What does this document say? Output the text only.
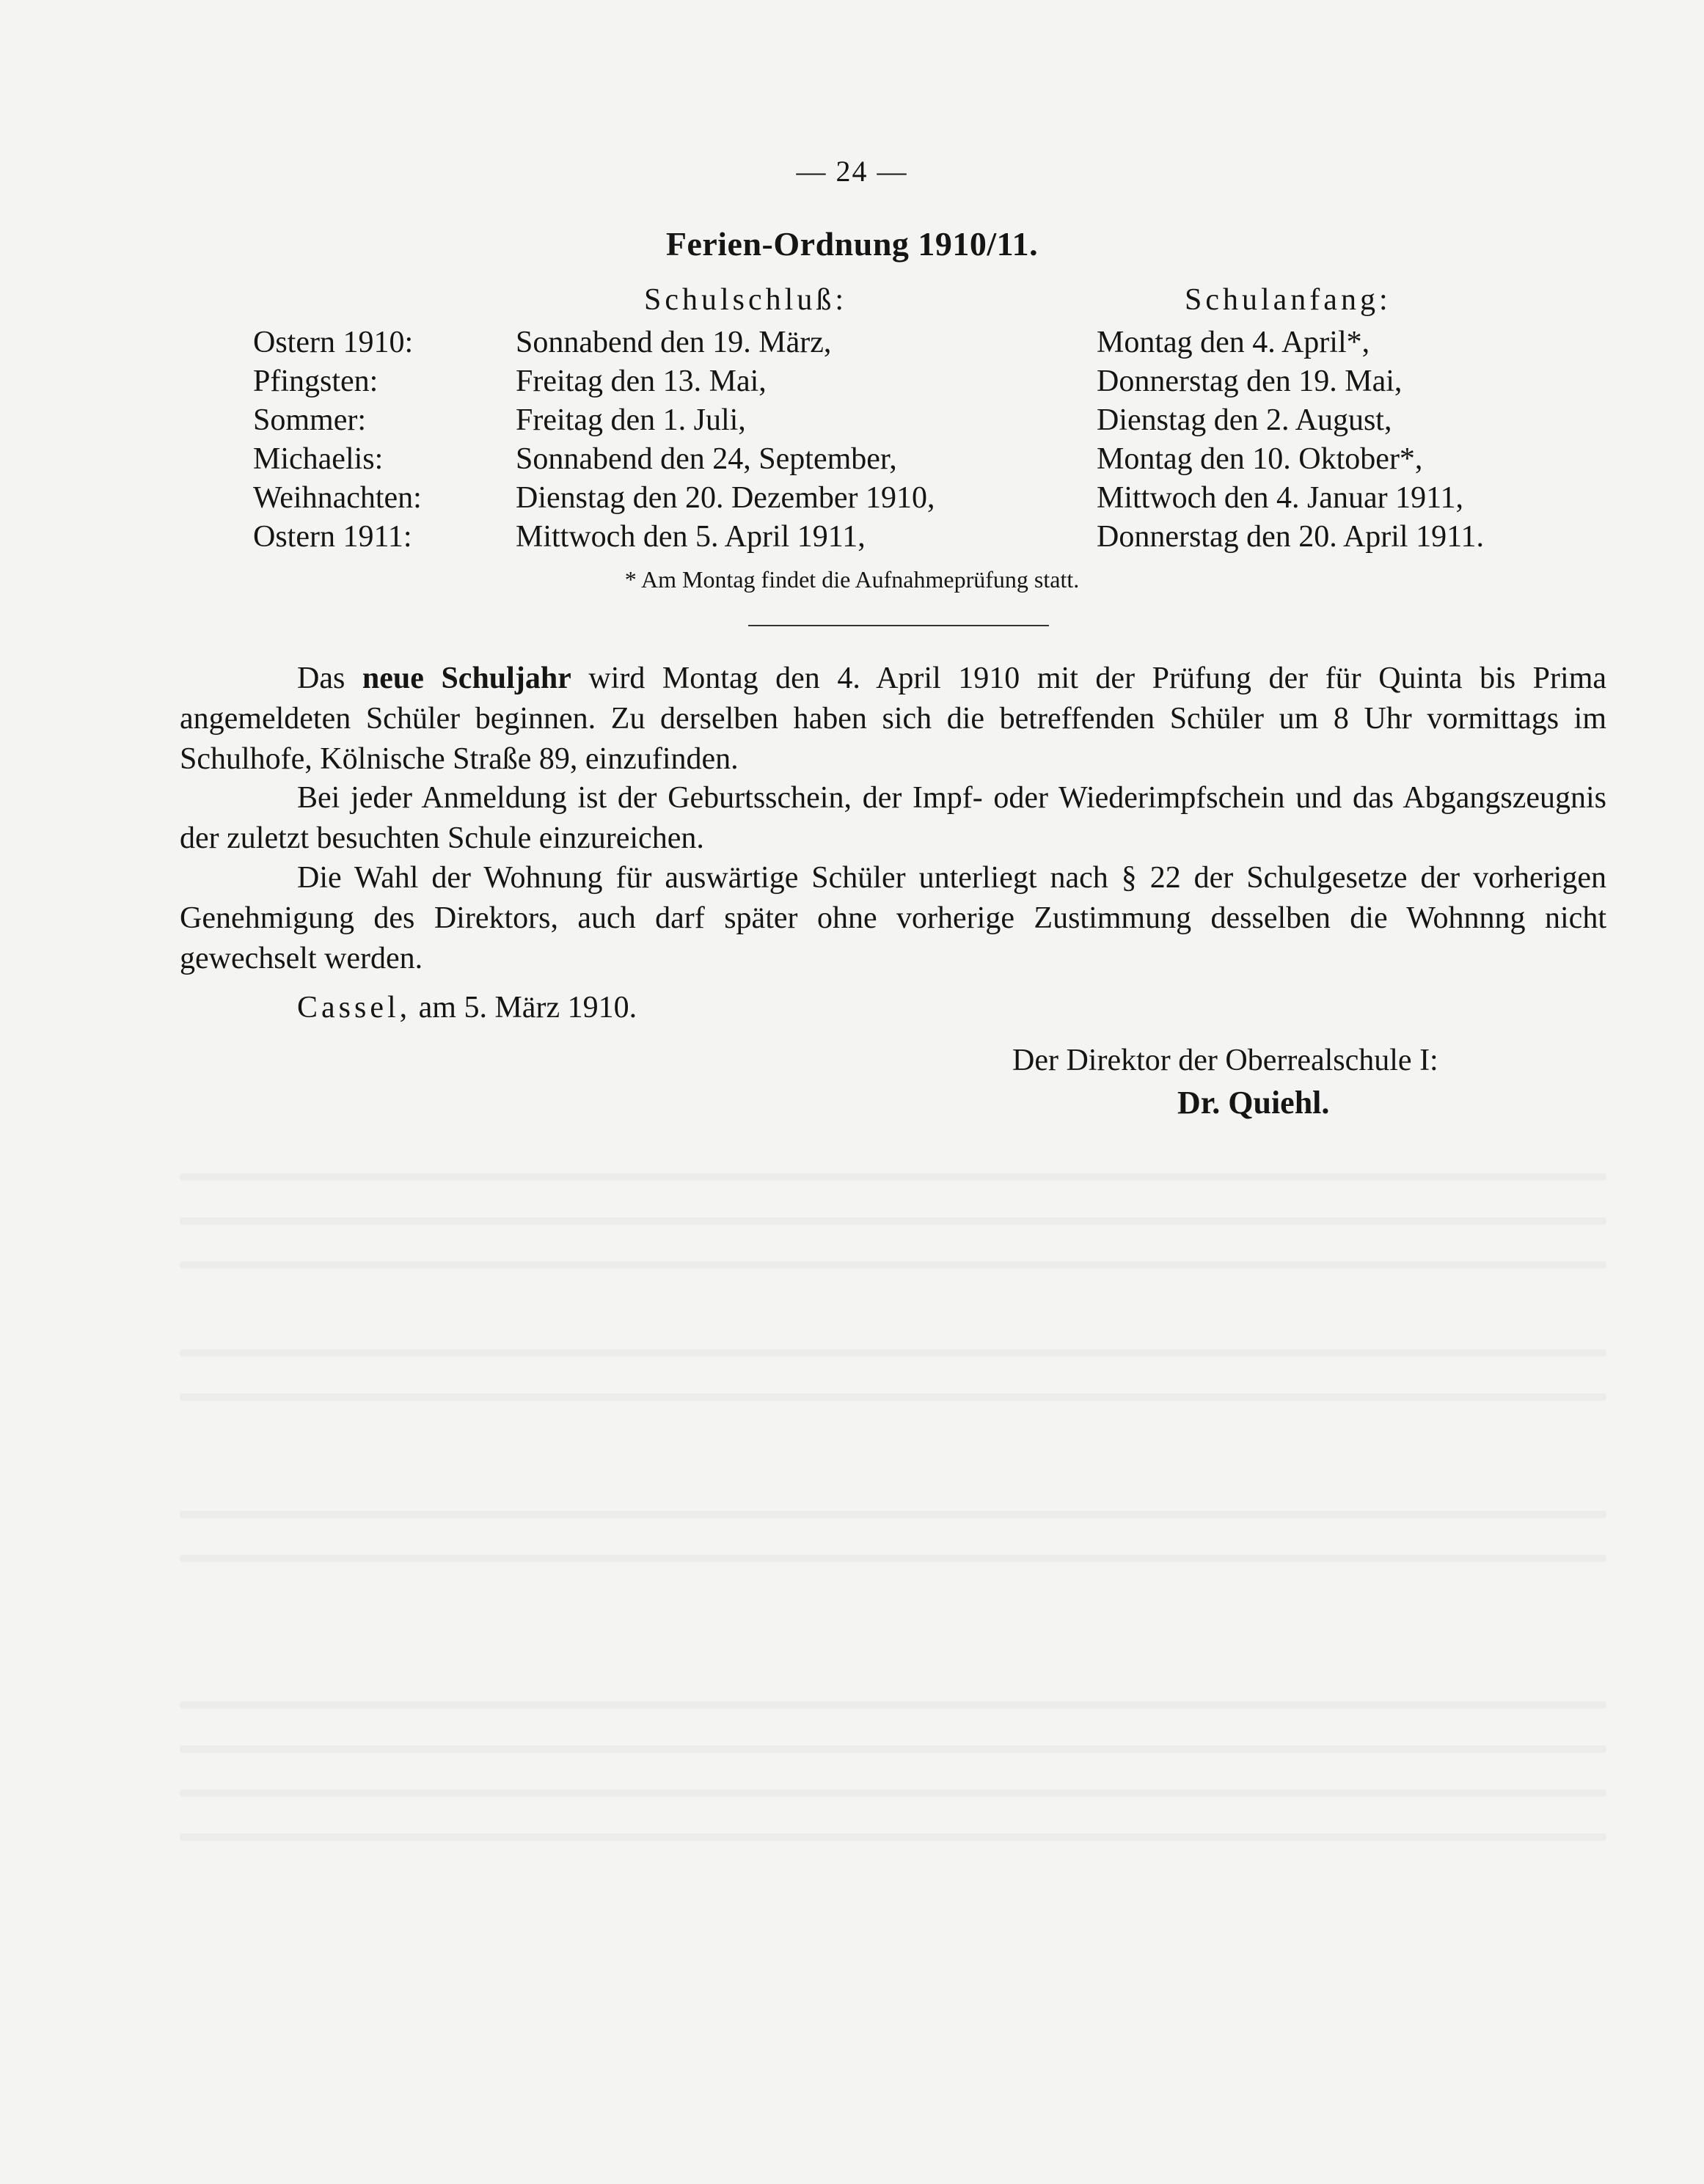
— 24 —
Ferien-Ordnung 1910/11.
Schulschluß:	Schulanfang:
Ostern 1910:	Sonnabend den 19. März,	Montag den 4. April*,
Pfingsten:	Freitag den 13. Mai,	Donnerstag den 19. Mai,
Sommer:	Freitag den 1. Juli,	Dienstag den 2. August,
Michaelis:	Sonnabend den 24, September,	Montag den 10. Oktober*,
Weihnachten:	Dienstag den 20. Dezember 1910,	Mittwoch den 4. Januar 1911,
Ostern 1911:	Mittwoch den 5. April 1911,	Donnerstag den 20. April 1911.
* Am Montag findet die Aufnahmeprüfung statt.

Das neue Schuljahr wird Montag den 4. April 1910 mit der Prüfung der für Quinta bis Prima angemeldeten Schüler beginnen. Zu derselben haben sich die betreffenden Schüler um 8 Uhr vormittags im Schulhofe, Kölnische Straße 89, einzufinden.

Bei jeder Anmeldung ist der Geburtsschein, der Impf- oder Wiederimpfschein und das Abgangszeugnis der zuletzt besuchten Schule einzureichen.

Die Wahl der Wohnung für auswärtige Schüler unterliegt nach § 22 der Schulgesetze der vorherigen Genehmigung des Direktors, auch darf später ohne vorherige Zustimmung desselben die Wohnnng nicht gewechselt werden.

Cassel, am 5. März 1910.
Der Direktor der Oberrealschule I:
Dr. Quiehl.
